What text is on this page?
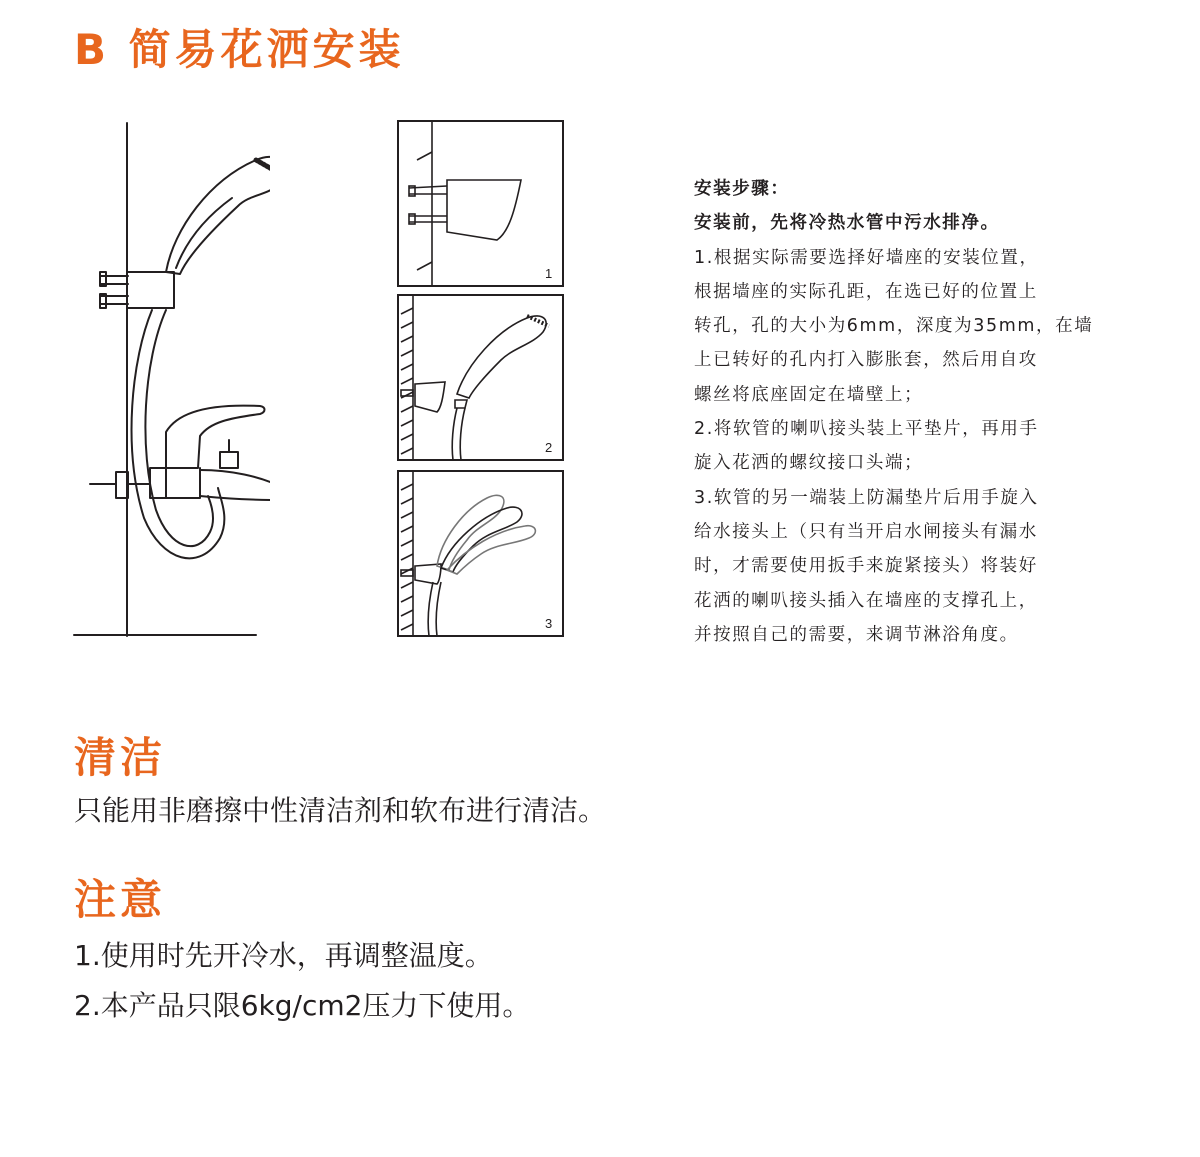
B 简易花洒安装
1
2
3
安装步骤：
安装前，先将冷热水管中污水排净。
1.根据实际需要选择好墙座的安装位置，
根据墙座的实际孔距，在选已好的位置上
转孔，孔的大小为6mm，深度为35mm，在墙
上已转好的孔内打入膨胀套，然后用自攻
螺丝将底座固定在墙壁上；
2.将软管的喇叭接头装上平垫片，再用手
旋入花洒的螺纹接口头端；
3.软管的另一端装上防漏垫片后用手旋入
给水接头上（只有当开启水闸接头有漏水
时，才需要使用扳手来旋紧接头）将装好
花洒的喇叭接头插入在墙座的支撑孔上，
并按照自己的需要，来调节淋浴角度。
清洁
只能用非磨擦中性清洁剂和软布进行清洁。
注意
1.使用时先开冷水，再调整温度。
2.本产品只限6kg/cm2压力下使用。
